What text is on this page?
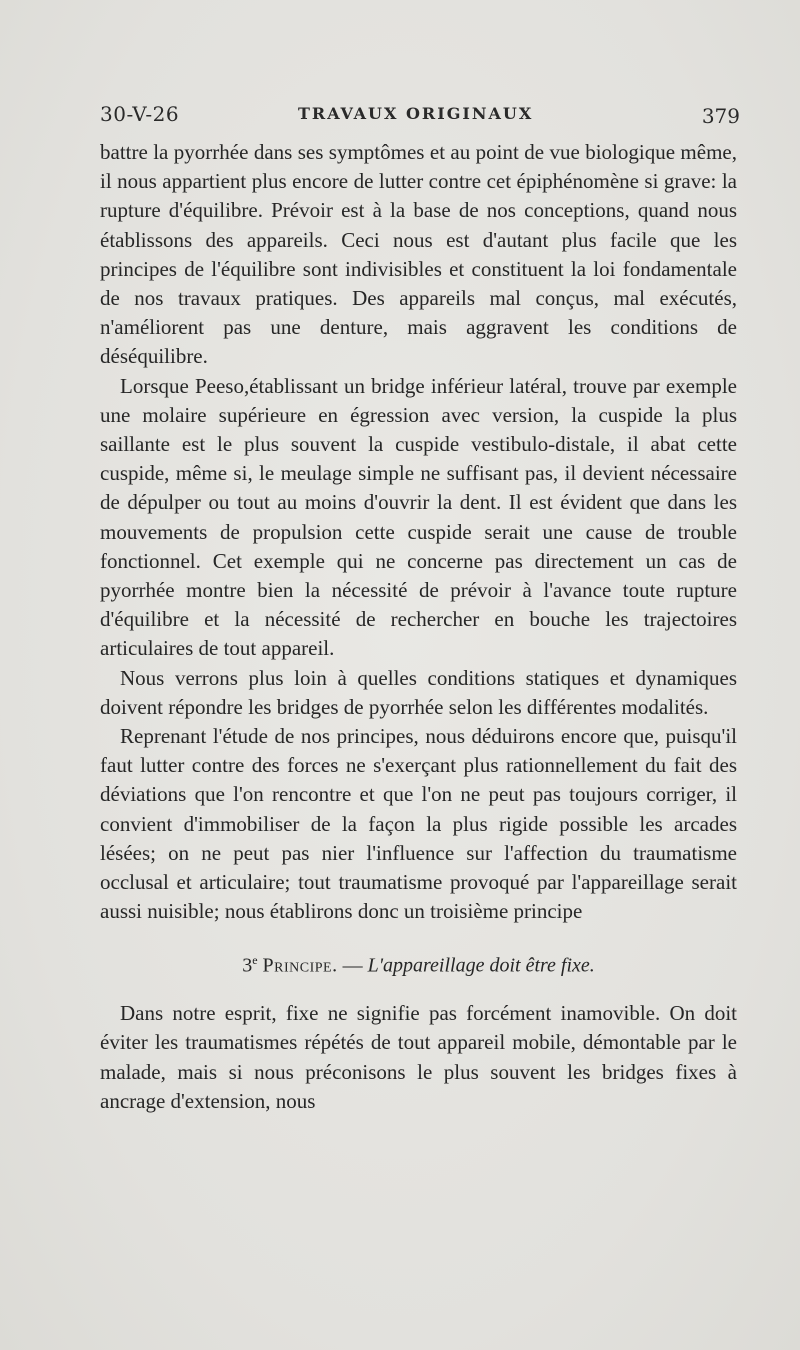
30-V-26	TRAVAUX ORIGINAUX	379

battre la pyorrhée dans ses symptômes et au point de vue biologique même, il nous appartient plus encore de lutter contre cet épiphénomène si grave: la rupture d'équilibre. Prévoir est à la base de nos conceptions, quand nous établissons des appareils. Ceci nous est d'autant plus facile que les principes de l'équilibre sont indivisibles et constituent la loi fondamentale de nos travaux pratiques. Des appareils mal conçus, mal exécutés, n'améliorent pas une denture, mais aggravent les conditions de déséquilibre.

Lorsque Peeso,établissant un bridge inférieur latéral, trouve par exemple une molaire supérieure en égression avec version, la cuspide la plus saillante est le plus souvent la cuspide vestibulo-distale, il abat cette cuspide, même si, le meulage simple ne suffisant pas, il devient nécessaire de dépulper ou tout au moins d'ouvrir la dent. Il est évident que dans les mouvements de propulsion cette cuspide serait une cause de trouble fonctionnel. Cet exemple qui ne concerne pas directement un cas de pyorrhée montre bien la nécessité de prévoir à l'avance toute rupture d'équilibre et la nécessité de rechercher en bouche les trajectoires articulaires de tout appareil.

Nous verrons plus loin à quelles conditions statiques et dynamiques doivent répondre les bridges de pyorrhée selon les différentes modalités.

Reprenant l'étude de nos principes, nous déduirons encore que, puisqu'il faut lutter contre des forces ne s'exerçant plus rationnellement du fait des déviations que l'on rencontre et que l'on ne peut pas toujours corriger, il convient d'immobiliser de la façon la plus rigide possible les arcades lésées; on ne peut pas nier l'influence sur l'affection du traumatisme occlusal et articulaire; tout traumatisme provoqué par l'appareillage serait aussi nuisible; nous établirons donc un troisième principe

3e Principe. — L'appareillage doit être fixe.

Dans notre esprit, fixe ne signifie pas forcément inamovible. On doit éviter les traumatismes répétés de tout appareil mobile, démontable par le malade, mais si nous préconisons le plus souvent les bridges fixes à ancrage d'extension, nous
